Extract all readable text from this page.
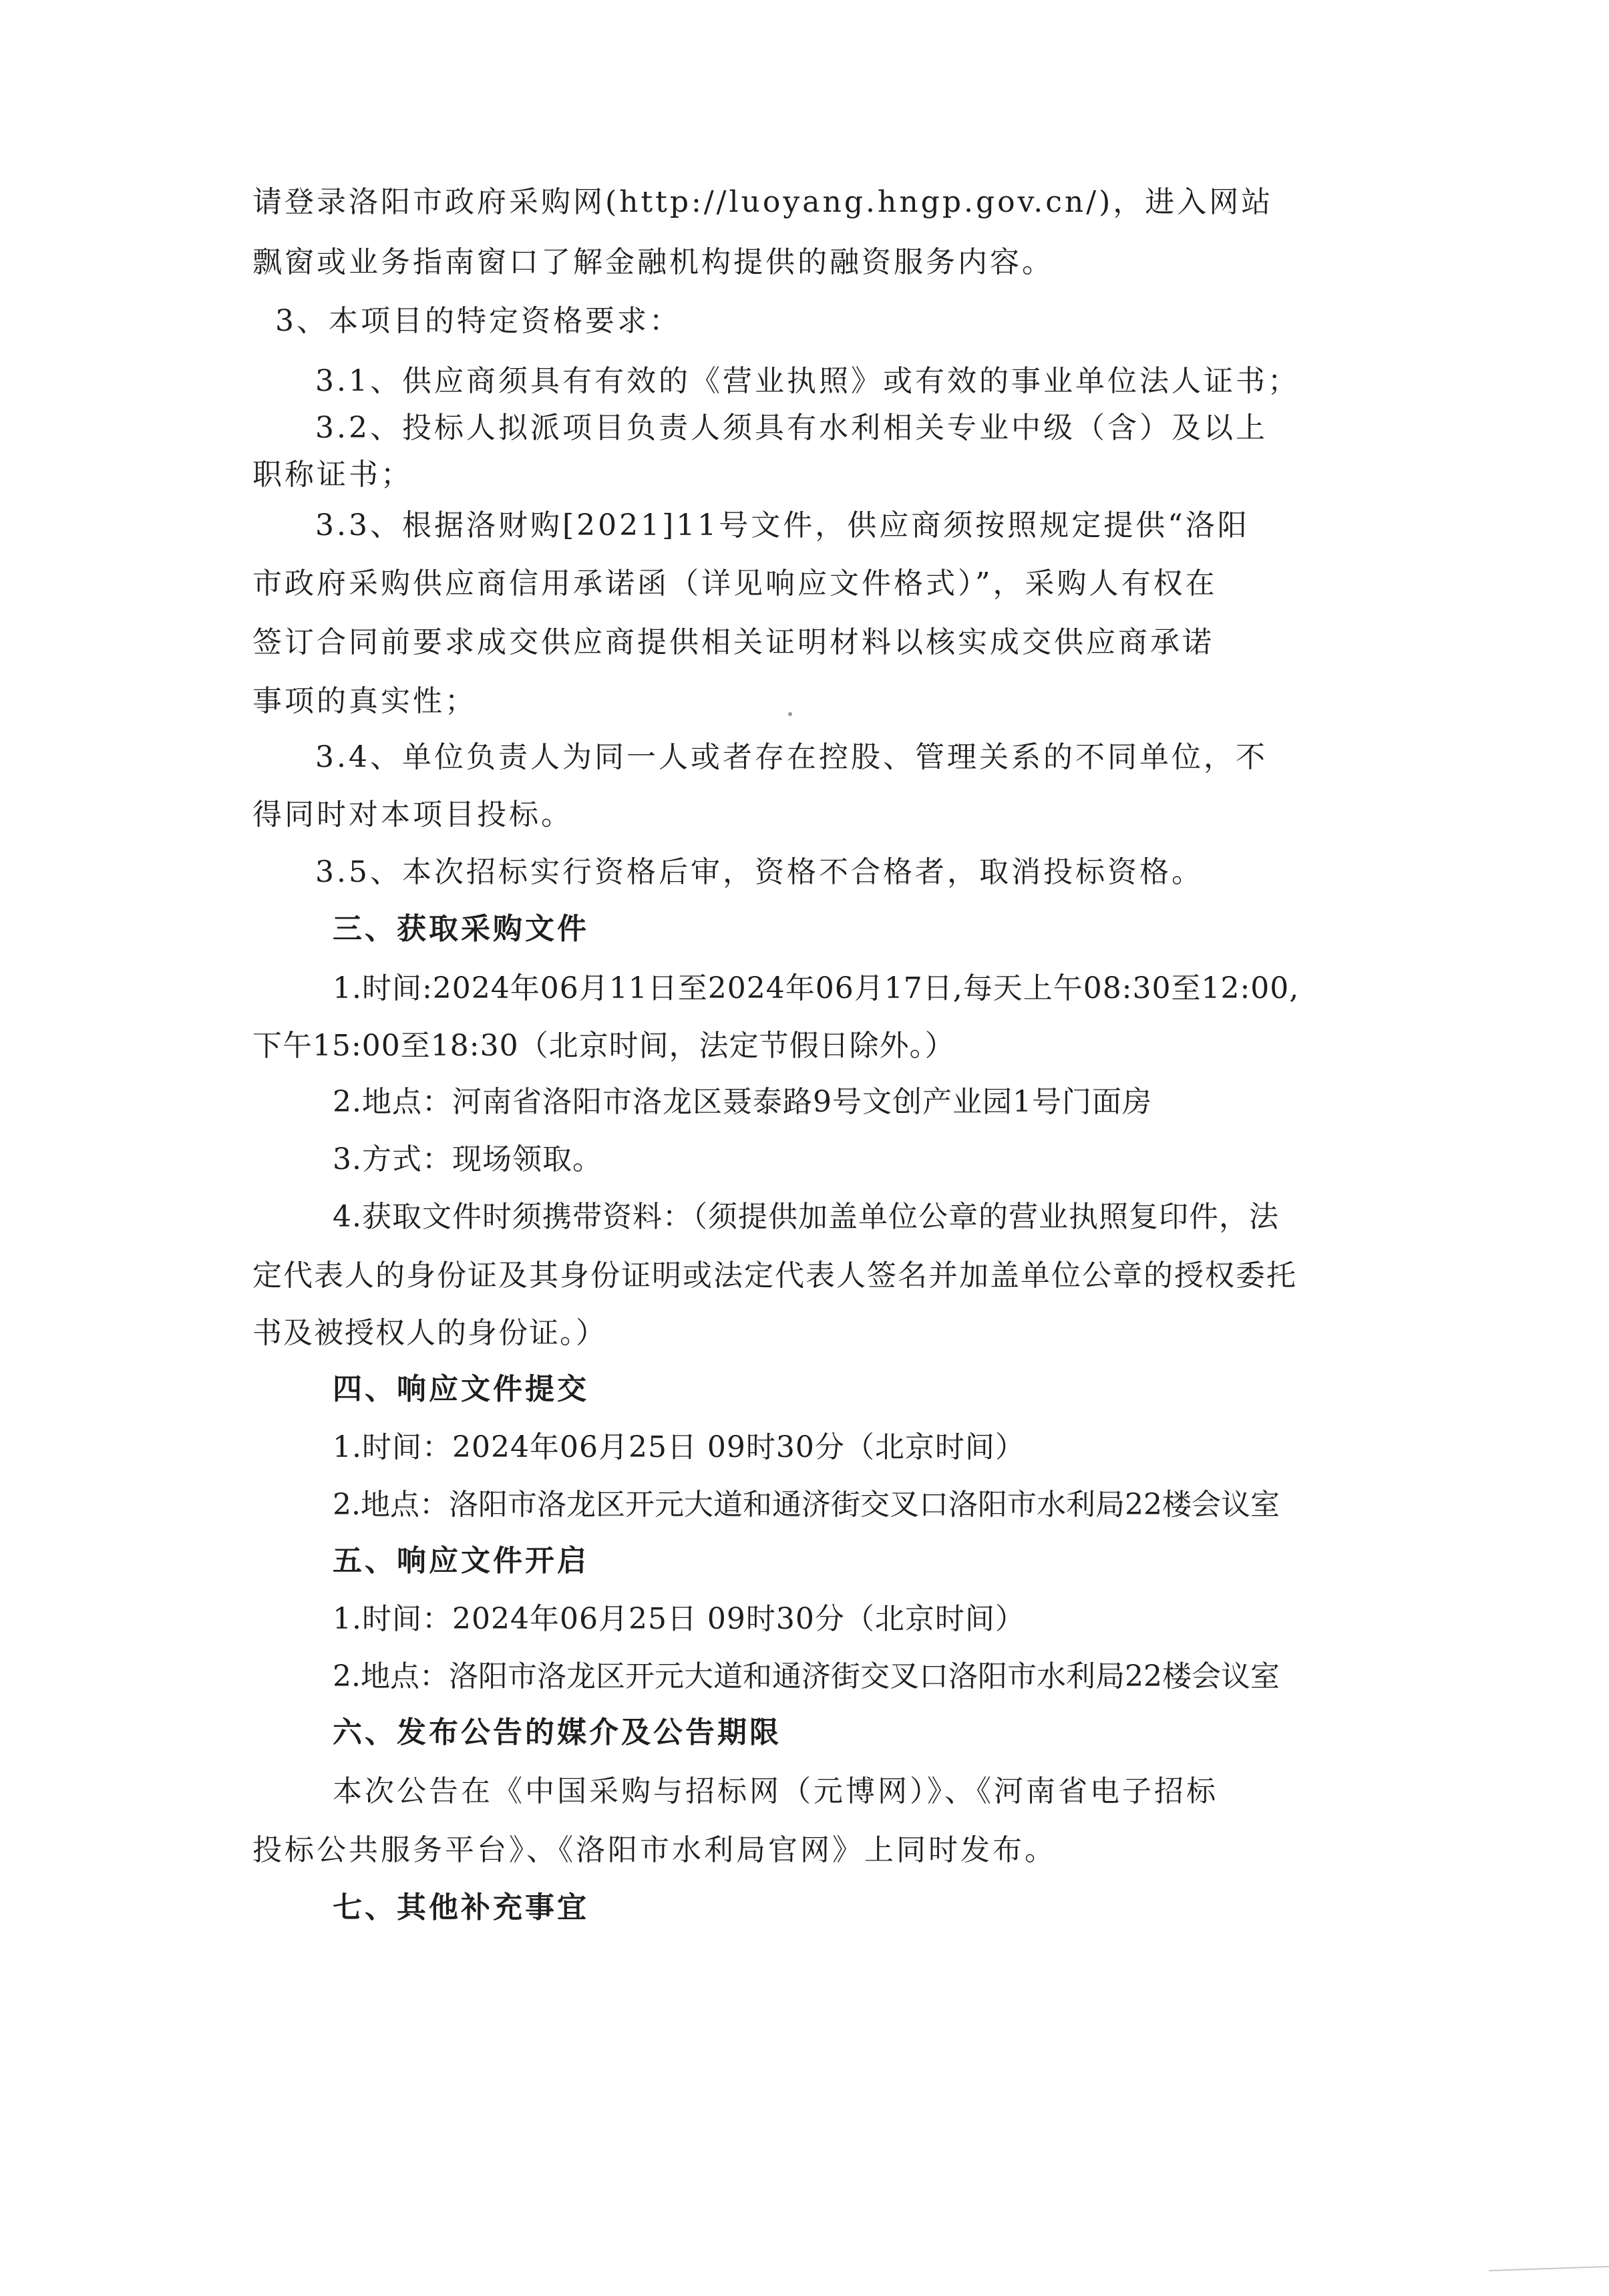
请登录洛阳市政府采购网(http://luoyang.hngp.gov.cn/)，进入网站
飘窗或业务指南窗口了解金融机构提供的融资服务内容。
3、本项目的特定资格要求：
3.1、供应商须具有有效的《营业执照》或有效的事业单位法人证书；
3.2、投标人拟派项目负责人须具有水利相关专业中级（含）及以上
职称证书；
3.3、根据洛财购[2021]11号文件，供应商须按照规定提供“洛阳
市政府采购供应商信用承诺函（详见响应文件格式）”，采购人有权在
签订合同前要求成交供应商提供相关证明材料以核实成交供应商承诺
事项的真实性；
3.4、单位负责人为同一人或者存在控股、管理关系的不同单位，不
得同时对本项目投标。
3.5、本次招标实行资格后审，资格不合格者，取消投标资格。
三、获取采购文件
1.时间:2024年06月11日至2024年06月17日,每天上午08:30至12:00,
下午15:00至18:30（北京时间，法定节假日除外。）
2.地点：河南省洛阳市洛龙区聂泰路9号文创产业园1号门面房
3.方式：现场领取。
4.获取文件时须携带资料：（须提供加盖单位公章的营业执照复印件，法
定代表人的身份证及其身份证明或法定代表人签名并加盖单位公章的授权委托
书及被授权人的身份证。）
四、响应文件提交
1.时间：2024年06月25日 09时30分（北京时间）
2.地点：洛阳市洛龙区开元大道和通济街交叉口洛阳市水利局22楼会议室
五、响应文件开启
1.时间：2024年06月25日 09时30分（北京时间）
2.地点：洛阳市洛龙区开元大道和通济街交叉口洛阳市水利局22楼会议室
六、发布公告的媒介及公告期限
本次公告在《中国采购与招标网（元博网）》、《河南省电子招标
投标公共服务平台》、《洛阳市水利局官网》上同时发布。
七、其他补充事宜
